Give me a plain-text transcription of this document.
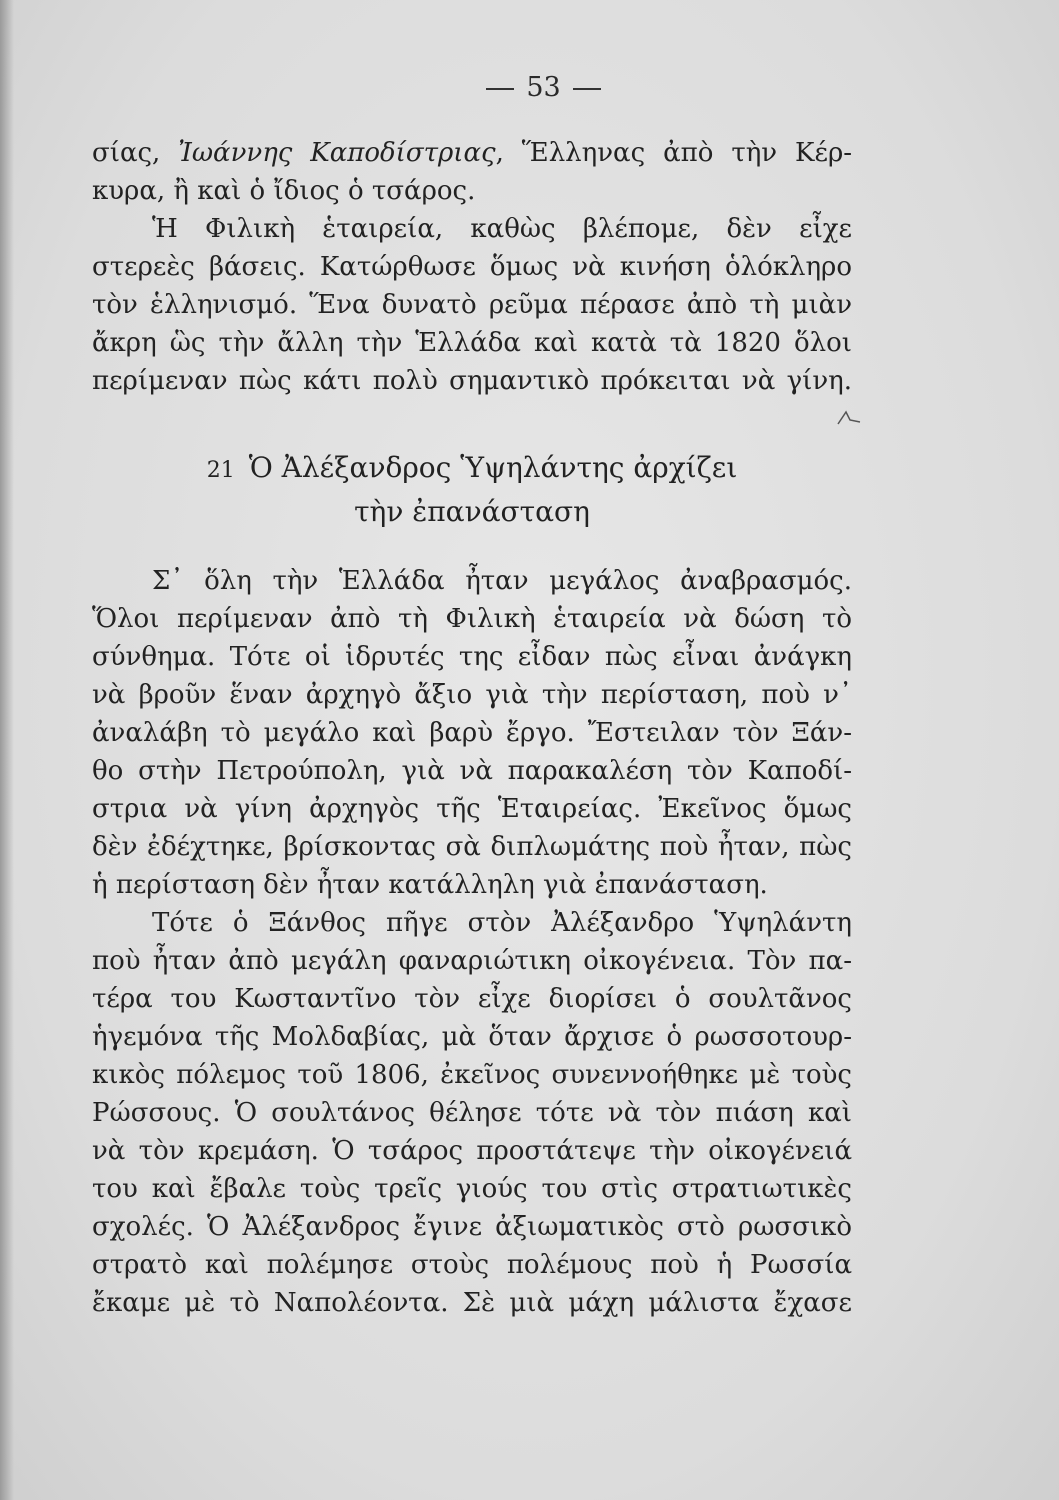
53
σίας, Ἰωάννης Καποδίστριας, Ἕλληνας ἀπὸ τὴν Κέρ-
κυρα, ἢ καὶ ὁ ἴδιος ὁ τσάρος.
Ἡ Φιλικὴ ἑταιρεία, καθὼς βλέπομε, δὲν εἶχε
στερεὲς βάσεις. Κατώρθωσε ὅμως νὰ κινήση ὁλόκληρο
τὸν ἑλληνισμό. Ἕνα δυνατὸ ρεῦμα πέρασε ἀπὸ τὴ μιὰν
ἄκρη ὣς τὴν ἄλλη τὴν Ἑλλάδα καὶ κατὰ τὰ 1820 ὅλοι
περίμεναν πὼς κάτι πολὺ σημαντικὸ πρόκειται νὰ γίνη.
21 Ὁ Ἀλέξανδρος Ὑψηλάντης ἀρχίζει
τὴν ἐπανάσταση
Σ᾽ ὅλη τὴν Ἑλλάδα ἦταν μεγάλος ἀναβρασμός.
Ὅλοι περίμεναν ἀπὸ τὴ Φιλικὴ ἑταιρεία νὰ δώση τὸ
σύνθημα. Τότε οἱ ἱδρυτές της εἶδαν πὼς εἶναι ἀνάγκη
νὰ βροῦν ἕναν ἀρχηγὸ ἄξιο γιὰ τὴν περίσταση, ποὺ ν᾽
ἀναλάβη τὸ μεγάλο καὶ βαρὺ ἔργο. Ἔστειλαν τὸν Ξάν-
θο στὴν Πετρούπολη, γιὰ νὰ παρακαλέση τὸν Καποδί-
στρια νὰ γίνη ἀρχηγὸς τῆς Ἑταιρείας. Ἐκεῖνος ὅμως
δὲν ἐδέχτηκε, βρίσκοντας σὰ διπλωμάτης ποὺ ἦταν, πὼς
ἡ περίσταση δὲν ἦταν κατάλληλη γιὰ ἐπανάσταση.
Τότε ὁ Ξάνθος πῆγε στὸν Ἀλέξανδρο Ὑψηλάντη
ποὺ ἦταν ἀπὸ μεγάλη φαναριώτικη οἰκογένεια. Τὸν πα-
τέρα του Κωσταντῖνο τὸν εἶχε διορίσει ὁ σουλτᾶνος
ἡγεμόνα τῆς Μολδαβίας, μὰ ὅταν ἄρχισε ὁ ρωσσοτουρ-
κικὸς πόλεμος τοῦ 1806, ἐκεῖνος συνεννοήθηκε μὲ τοὺς
Ρώσσους. Ὁ σουλτάνος θέλησε τότε νὰ τὸν πιάση καὶ
νὰ τὸν κρεμάση. Ὁ τσάρος προστάτεψε τὴν οἰκογένειά
του καὶ ἔβαλε τοὺς τρεῖς γιούς του στὶς στρατιωτικὲς
σχολές. Ὁ Ἀλέξανδρος ἔγινε ἀξιωματικὸς στὸ ρωσσικὸ
στρατὸ καὶ πολέμησε στοὺς πολέμους ποὺ ἡ Ρωσσία
ἔκαμε μὲ τὸ Ναπολέοντα. Σὲ μιὰ μάχη μάλιστα ἔχασε
